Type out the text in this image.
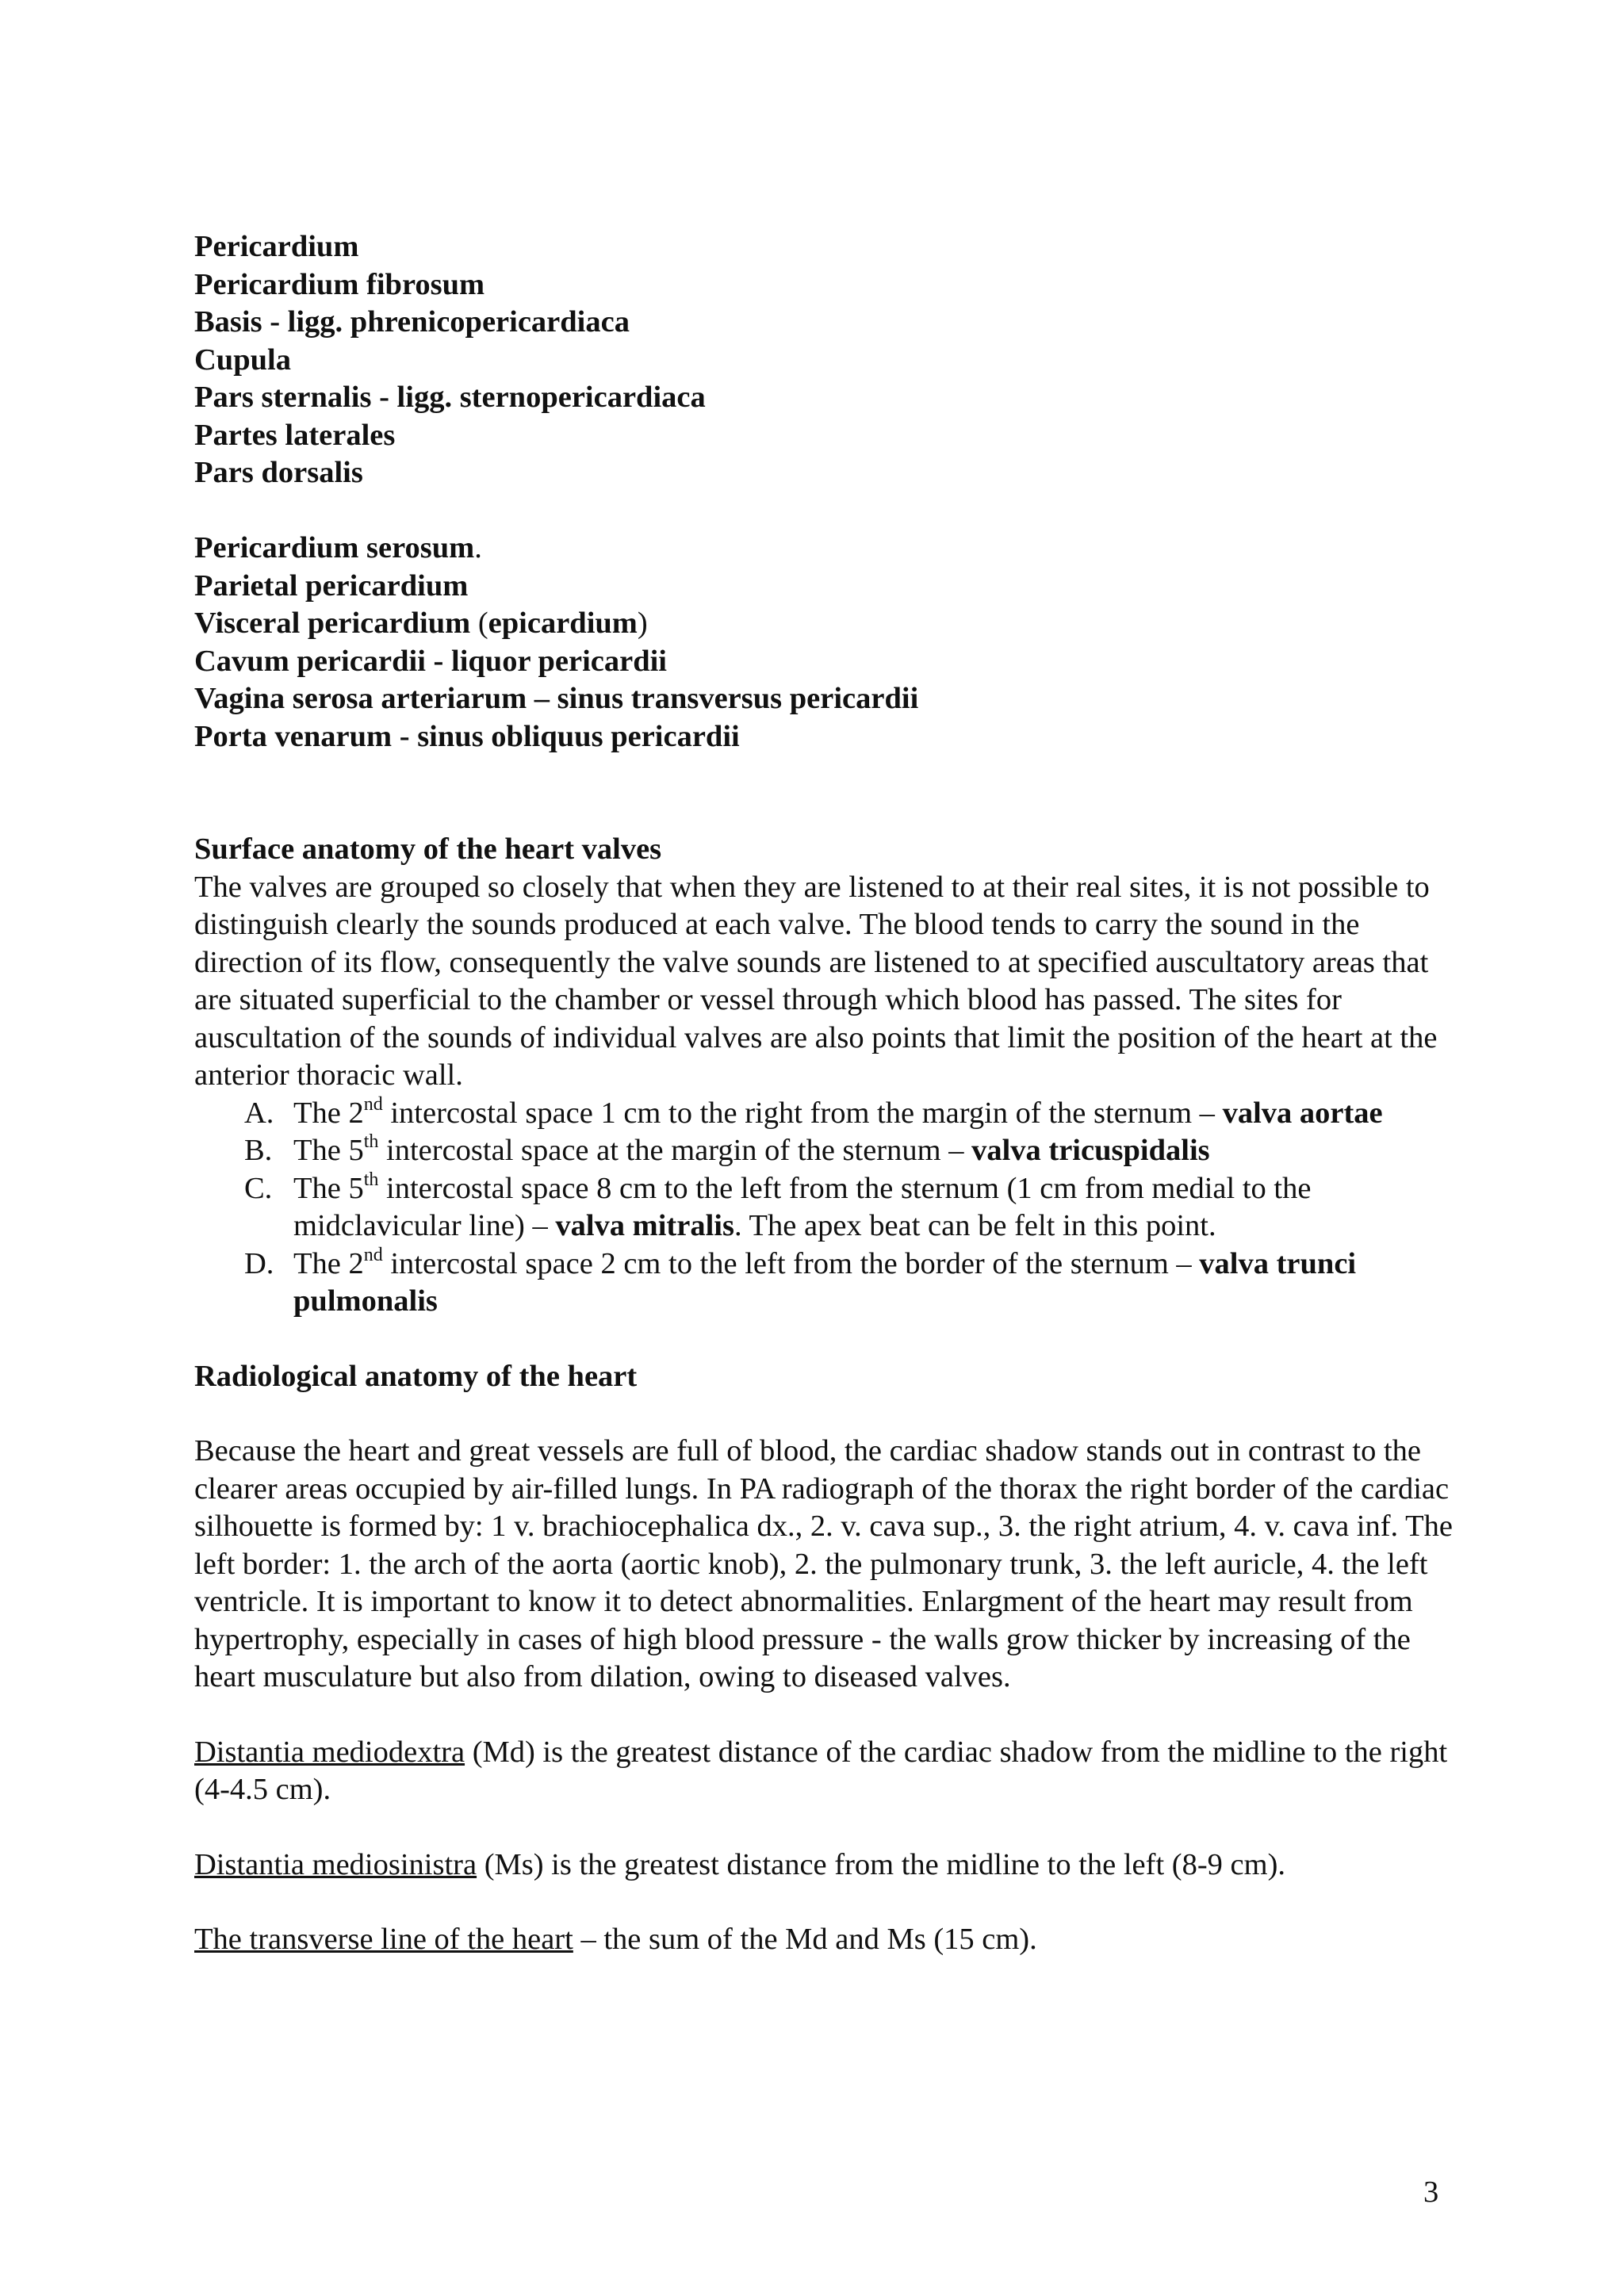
Pericardium
Pericardium fibrosum
Basis - ligg. phrenicopericardiaca
Cupula
Pars sternalis - ligg. sternopericardiaca
Partes laterales
Pars dorsalis
Pericardium serosum.
Parietal pericardium
Visceral pericardium (epicardium)
Cavum pericardii - liquor pericardii
Vagina serosa arteriarum – sinus transversus pericardii
Porta venarum - sinus obliquus pericardii
Surface anatomy of the heart valves

The valves are grouped so closely that when they are listened to at their real sites, it is not possible to distinguish clearly the sounds produced at each valve. The blood tends to carry the sound in the direction of its flow, consequently the valve sounds are listened to at specified auscultatory areas that are situated superficial to the chamber or vessel through which blood has passed. The sites for auscultation of the sounds of individual valves are also points that limit the position of the heart at the anterior thoracic wall.

A. The 2nd intercostal space 1 cm to the right from the margin of the sternum – valva aortae
B. The 5th intercostal space at the margin of the sternum – valva tricuspidalis
C. The 5th intercostal space 8 cm to the left from the sternum (1 cm from medial to the midclavicular line) – valva mitralis. The apex beat can be felt in this point.
D. The 2nd intercostal space 2 cm to the left from the border of the sternum – valva trunci pulmonalis
Radiological anatomy of the heart

Because the heart and great vessels are full of blood, the cardiac shadow stands out in contrast to the clearer areas occupied by air-filled lungs. In PA radiograph of the thorax the right border of the cardiac silhouette is formed by: 1 v. brachiocephalica dx., 2. v. cava sup., 3. the right atrium, 4. v. cava inf. The left border: 1. the arch of the aorta (aortic knob), 2. the pulmonary trunk, 3. the left auricle, 4. the left ventricle. It is important to know it to detect abnormalities. Enlargment of the heart may result from hypertrophy, especially in cases of high blood pressure - the walls grow thicker by increasing of the heart musculature but also from dilation, owing to diseased valves.

Distantia mediodextra (Md) is the greatest distance of the cardiac shadow from the midline to the right (4-4.5 cm).

Distantia mediosinistra (Ms) is the greatest distance from the midline to the left (8-9 cm).

The transverse line of the heart – the sum of the Md and Ms (15 cm).

3
